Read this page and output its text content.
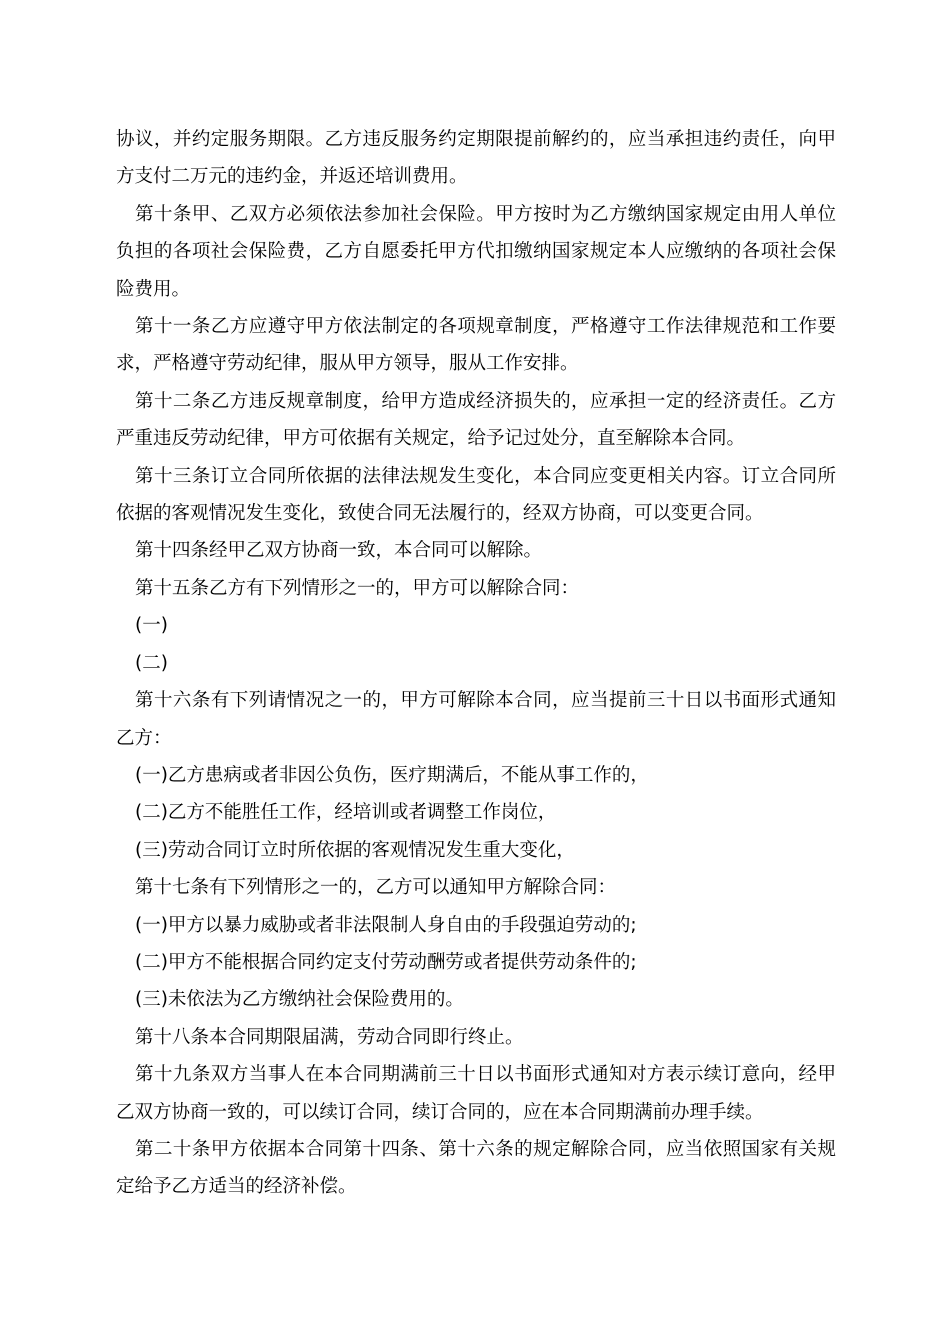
协议，并约定服务期限。乙方违反服务约定期限提前解约的，应当承担违约责任，向甲方支付二万元的违约金，并返还培训费用。

第十条甲、乙双方必须依法参加社会保险。甲方按时为乙方缴纳国家规定由用人单位负担的各项社会保险费，乙方自愿委托甲方代扣缴纳国家规定本人应缴纳的各项社会保险费用。

第十一条乙方应遵守甲方依法制定的各项规章制度，严格遵守工作法律规范和工作要求，严格遵守劳动纪律，服从甲方领导，服从工作安排。

第十二条乙方违反规章制度，给甲方造成经济损失的，应承担一定的经济责任。乙方严重违反劳动纪律，甲方可依据有关规定，给予记过处分，直至解除本合同。

第十三条订立合同所依据的法律法规发生变化，本合同应变更相关内容。订立合同所依据的客观情况发生变化，致使合同无法履行的，经双方协商，可以变更合同。

第十四条经甲乙双方协商一致，本合同可以解除。

第十五条乙方有下列情形之一的，甲方可以解除合同：

(一)

(二)

第十六条有下列请情况之一的，甲方可解除本合同，应当提前三十日以书面形式通知乙方：

(一)乙方患病或者非因公负伤，医疗期满后，不能从事工作的，

(二)乙方不能胜任工作，经培训或者调整工作岗位，

(三)劳动合同订立时所依据的客观情况发生重大变化，

第十七条有下列情形之一的，乙方可以通知甲方解除合同：

(一)甲方以暴力威胁或者非法限制人身自由的手段强迫劳动的;

(二)甲方不能根据合同约定支付劳动酬劳或者提供劳动条件的;

(三)未依法为乙方缴纳社会保险费用的。

第十八条本合同期限届满，劳动合同即行终止。

第十九条双方当事人在本合同期满前三十日以书面形式通知对方表示续订意向，经甲乙双方协商一致的，可以续订合同，续订合同的，应在本合同期满前办理手续。

第二十条甲方依据本合同第十四条、第十六条的规定解除合同，应当依照国家有关规定给予乙方适当的经济补偿。
